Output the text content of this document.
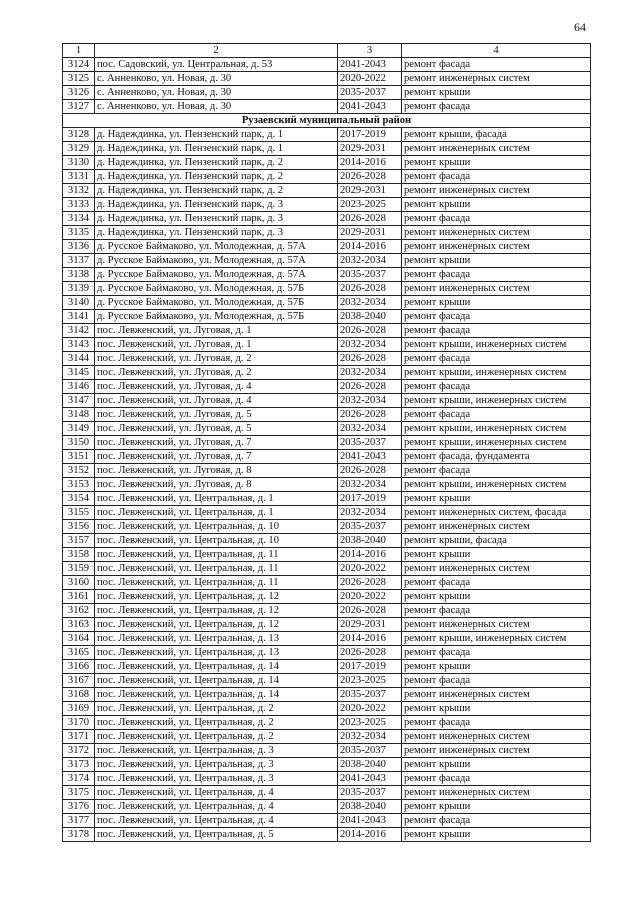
64
1	2	3	4
3124	пос. Садовский, ул. Центральная, д. 53	2041-2043	ремонт фасада
3125	с. Анненково, ул. Новая, д. 30	2020-2022	ремонт инженерных систем
3126	с. Анненково, ул. Новая, д. 30	2035-2037	ремонт крыши
3127	с. Анненково, ул. Новая, д. 30	2041-2043	ремонт фасада
Рузаевский муниципальный район			
3128	д. Надеждинка, ул. Пензенский парк, д. 1	2017-2019	ремонт крыши, фасада
3129	д. Надеждинка, ул. Пензенский парк, д. 1	2029-2031	ремонт инженерных систем
3130	д. Надеждинка, ул. Пензенский парк, д. 2	2014-2016	ремонт крыши
3131	д. Надеждинка, ул. Пензенский парк, д. 2	2026-2028	ремонт фасада
3132	д. Надеждинка, ул. Пензенский парк, д. 2	2029-2031	ремонт инженерных систем
3133	д. Надеждинка, ул. Пензенский парк, д. 3	2023-2025	ремонт крыши
3134	д. Надеждинка, ул. Пензенский парк, д. 3	2026-2028	ремонт фасада
3135	д. Надеждинка, ул. Пензенский парк, д. 3	2029-2031	ремонт инженерных систем
3136	д. Русское Баймаково, ул. Молодежная, д. 57А	2014-2016	ремонт инженерных систем
3137	д. Русское Баймаково, ул. Молодежная, д. 57А	2032-2034	ремонт крыши
3138	д. Русское Баймаково, ул. Молодежная, д. 57А	2035-2037	ремонт фасада
3139	д. Русское Баймаково, ул. Молодежная, д. 57Б	2026-2028	ремонт инженерных систем
3140	д. Русское Баймаково, ул. Молодежная, д. 57Б	2032-2034	ремонт крыши
3141	д. Русское Баймаково, ул. Молодежная, д. 57Б	2038-2040	ремонт фасада
3142	пос. Левженский, ул. Луговая, д. 1	2026-2028	ремонт фасада
3143	пос. Левженский, ул. Луговая, д. 1	2032-2034	ремонт крыши, инженерных систем
3144	пос. Левженский, ул. Луговая, д. 2	2026-2028	ремонт фасада
3145	пос. Левженский, ул. Луговая, д. 2	2032-2034	ремонт крыши, инженерных систем
3146	пос. Левженский, ул. Луговая, д. 4	2026-2028	ремонт фасада
3147	пос. Левженский, ул. Луговая, д. 4	2032-2034	ремонт крыши, инженерных систем
3148	пос. Левженский, ул. Луговая, д. 5	2026-2028	ремонт фасада
3149	пос. Левженский, ул. Луговая, д. 5	2032-2034	ремонт крыши, инженерных систем
3150	пос. Левженский, ул. Луговая, д. 7	2035-2037	ремонт крыши, инженерных систем
3151	пос. Левженский, ул. Луговая, д. 7	2041-2043	ремонт фасада, фундамента
3152	пос. Левженский, ул. Луговая, д. 8	2026-2028	ремонт фасада
3153	пос. Левженский, ул. Луговая, д. 8	2032-2034	ремонт крыши, инженерных систем
3154	пос. Левженский, ул. Центральная, д. 1	2017-2019	ремонт крыши
3155	пос. Левженский, ул. Центральная, д. 1	2032-2034	ремонт инженерных систем, фасада
3156	пос. Левженский, ул. Центральная, д. 10	2035-2037	ремонт инженерных систем
3157	пос. Левженский, ул. Центральная, д. 10	2038-2040	ремонт крыши, фасада
3158	пос. Левженский, ул. Центральная, д. 11	2014-2016	ремонт крыши
3159	пос. Левженский, ул. Центральная, д. 11	2020-2022	ремонт инженерных систем
3160	пос. Левженский, ул. Центральная, д. 11	2026-2028	ремонт фасада
3161	пос. Левженский, ул. Центральная, д. 12	2020-2022	ремонт крыши
3162	пос. Левженский, ул. Центральная, д. 12	2026-2028	ремонт фасада
3163	пос. Левженский, ул. Центральная, д. 12	2029-2031	ремонт инженерных систем
3164	пос. Левженский, ул. Центральная, д. 13	2014-2016	ремонт крыши, инженерных систем
3165	пос. Левженский, ул. Центральная, д. 13	2026-2028	ремонт фасада
3166	пос. Левженский, ул. Центральная, д. 14	2017-2019	ремонт крыши
3167	пос. Левженский, ул. Центральная, д. 14	2023-2025	ремонт фасада
3168	пос. Левженский, ул. Центральная, д. 14	2035-2037	ремонт инженерных систем
3169	пос. Левженский, ул. Центральная, д. 2	2020-2022	ремонт крыши
3170	пос. Левженский, ул. Центральная, д. 2	2023-2025	ремонт фасада
3171	пос. Левженский, ул. Центральная, д. 2	2032-2034	ремонт инженерных систем
3172	пос. Левженский, ул. Центральная, д. 3	2035-2037	ремонт инженерных систем
3173	пос. Левженский, ул. Центральная, д. 3	2038-2040	ремонт крыши
3174	пос. Левженский, ул. Центральная, д. 3	2041-2043	ремонт фасада
3175	пос. Левженский, ул. Центральная, д. 4	2035-2037	ремонт инженерных систем
3176	пос. Левженский, ул. Центральная, д. 4	2038-2040	ремонт крыши
3177	пос. Левженский, ул. Центральная, д. 4	2041-2043	ремонт фасада
3178	пос. Левженский, ул. Центральная, д. 5	2014-2016	ремонт крыши
